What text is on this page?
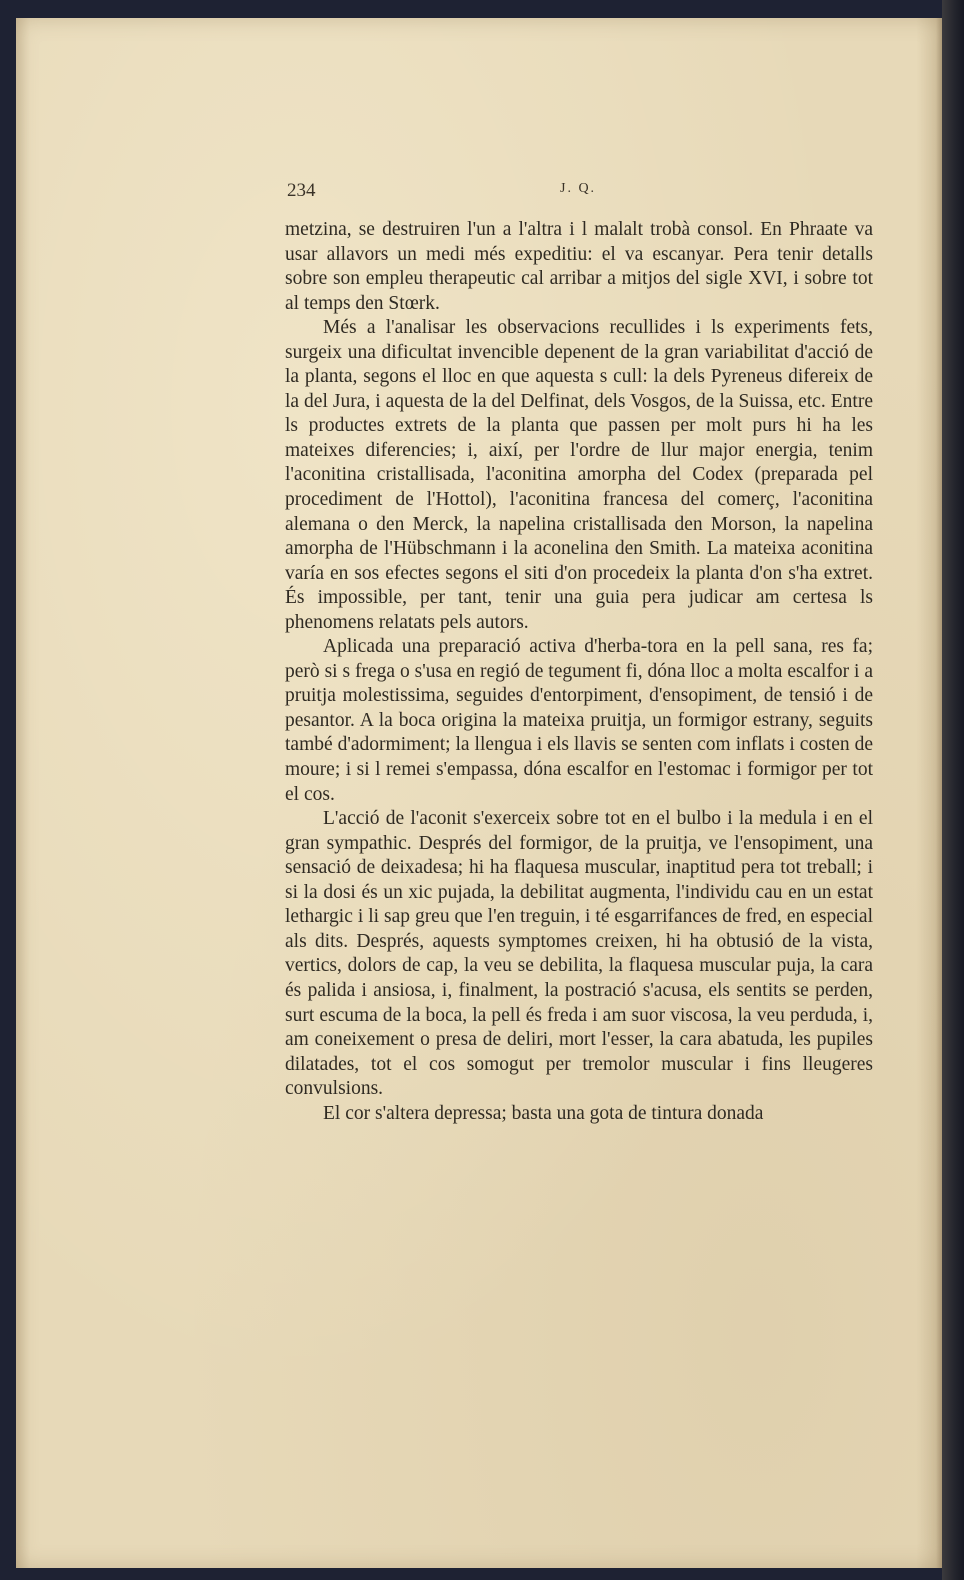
234	J. Q.

metzina, se destruiren l'un a l'altra i l malalt trobà consol. En Phraate va usar allavors un medi més expeditiu: el va escanyar. Pera tenir detalls sobre son empleu therapeutic cal arribar a mitjos del sigle XVI, i sobre tot al temps den Stœrk.

Més a l'analisar les observacions recullides i ls experiments fets, surgeix una dificultat invencible depenent de la gran variabilitat d'acció de la planta, segons el lloc en que aquesta s cull: la dels Pyreneus difereix de la del Jura, i aquesta de la del Delfinat, dels Vosgos, de la Suissa, etc. Entre ls productes extrets de la planta que passen per molt purs hi ha les mateixes diferencies; i, així, per l'ordre de llur major energia, tenim l'aconitina cristallisada, l'aconitina amorpha del Codex (preparada pel procediment de l'Hottol), l'aconitina francesa del comerç, l'aconitina alemana o den Merck, la napelina cristallisada den Morson, la napelina amorpha de l'Hübschmann i la aconelina den Smith. La mateixa aconitina varía en sos efectes segons el siti d'on procedeix la planta d'on s'ha extret. És impossible, per tant, tenir una guia pera judicar am certesa ls phenomens relatats pels autors.

Aplicada una preparació activa d'herba-tora en la pell sana, res fa; però si s frega o s'usa en regió de tegument fi, dóna lloc a molta escalfor i a pruitja molestissima, seguides d'entorpiment, d'ensopiment, de tensió i de pesantor. A la boca origina la mateixa pruitja, un formigor estrany, seguits també d'adormiment; la llengua i els llavis se senten com inflats i costen de moure; i si l remei s'empassa, dóna escalfor en l'estomac i formigor per tot el cos.

L'acció de l'aconit s'exerceix sobre tot en el bulbo i la medula i en el gran sympathic. Després del formigor, de la pruitja, ve l'ensopiment, una sensació de deixadesa; hi ha flaquesa muscular, inaptitud pera tot treball; i si la dosi és un xic pujada, la debilitat augmenta, l'individu cau en un estat lethargic i li sap greu que l'en treguin, i té esgarrifances de fred, en especial als dits. Després, aquests symptomes creixen, hi ha obtusió de la vista, vertics, dolors de cap, la veu se debilita, la flaquesa muscular puja, la cara és palida i ansiosa, i, finalment, la postració s'acusa, els sentits se perden, surt escuma de la boca, la pell és freda i am suor viscosa, la veu perduda, i, am coneixement o presa de deliri, mort l'esser, la cara abatuda, les pupiles dilatades, tot el cos somogut per tremolor muscular i fins lleugeres convulsions.

El cor s'altera depressa; basta una gota de tintura donada
